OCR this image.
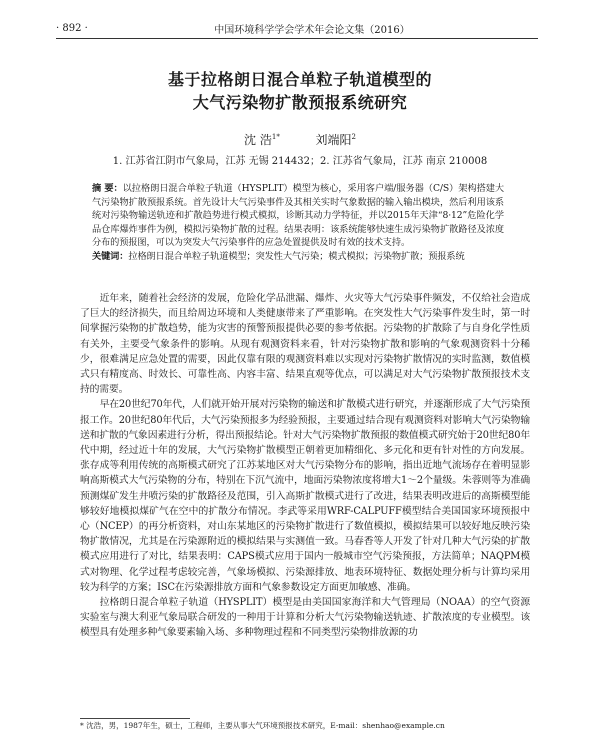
· 892 ·	中国环境科学学会学术年会论文集（2016）
基于拉格朗日混合单粒子轨道模型的
大气污染物扩散预报系统研究
沈 浩$^{1*}$	刘端阳$^2$
1. 江苏省江阴市气象局，江苏 无锡 214432；2. 江苏省气象局，江苏 南京 210008
摘 要：以拉格朗日混合单粒子轨道（HYSPLIT）模型为核心，采用客户端/服务器（C/S）架构搭建大气污染物扩散预报系统。首先设计大气污染事件及其相关实时气象数据的输入输出模块，然后利用该系统对污染物输送轨迹和扩散趋势进行模式模拟，诊断其动力学特征，并以2015年天津“8·12”危险化学品仓库爆炸事件为例，模拟污染物扩散的过程。结果表明：该系统能够快速生成污染物扩散路径及浓度分布的预报图，可以为突发大气污染事件的应急处置提供及时有效的技术支持。
关键词：拉格朗日混合单粒子轨道模型；突发性大气污染；模式模拟；污染物扩散；预报系统

近年来，随着社会经济的发展，危险化学品泄漏、爆炸、火灾等大气污染事件频发，不仅给社会造成了巨大的经济损失，而且给周边环境和人类健康带来了严重影响。在突发性大气污染事件发生时，第一时间掌握污染物的扩散趋势，能为灾害的预警预报提供必要的参考依据。污染物的扩散除了与自身化学性质有关外，主要受气象条件的影响。从现有观测资料来看，针对污染物扩散和影响的气象观测资料十分稀少，很难满足应急处置的需要，因此仅靠有限的观测资料难以实现对污染物扩散情况的实时监测，数值模式只有精度高、时效长、可靠性高、内容丰富、结果直观等优点，可以满足对大气污染物扩散预报技术支持的需要。

早在20世纪70年代，人们就开始开展对污染物的输送和扩散模式进行研究，并逐渐形成了大气污染预报工作。20世纪80年代后，大气污染预报多为经验预报，主要通过结合现有观测资料对影响大气污染物输送和扩散的气象因素进行分析，得出预报结论。针对大气污染物扩散预报的数值模式研究始于20世纪80年代中期，经过近十年的发展，大气污染物扩散模型正朝着更加精细化、多元化和更有针对性的方向发展。张存成等利用传统的高斯模式研究了江苏某地区对大气污染物分布的影响，指出近地气流场存在着明显影响高斯模式大气污染物的分布，特别在下沉气流中，地面污染物浓度将增大1～2个量级。朱蓉则等为准确预测煤矿发生井喷污染的扩散路径及范围，引入高斯扩散模式进行了改进，结果表明改进后的高斯模型能够较好地模拟煤矿气在空中的扩散分布情况。李武等采用WRF-CALPUFF模型结合美国国家环境预报中心（NCEP）的再分析资料，对山东某地区的污染物扩散进行了数值模拟，模拟结果可以较好地反映污染物扩散情况，尤其是在污染源附近的模拟结果与实测值一致。马春香等人开发了针对几种大气污染的扩散模式应用进行了对比，结果表明：CAPS模式应用于国内一般城市空气污染预报，方法简单；NAQPM模式对物理、化学过程考虑较完善，气象场模拟、污染源排放、地表环境特征、数据处理分析与计算均采用较为科学的方案；ISC在污染源排放方面和气象参数设定方面更加敏感、准确。

拉格朗日混合单粒子轨道（HYSPLIT）模型是由美国国家海洋和大气管理局（NOAA）的空气资源实验室与澳大利亚气象局联合研发的一种用于计算和分析大气污染物输送轨迹、扩散浓度的专业模型。该模型具有处理多种气象要素输入场、多种物理过程和不同类型污染物排放源的功

* 沈浩，男，1987年生，硕士，工程师，主要从事大气环境预报技术研究，E-mail：shenhao@example.cn
